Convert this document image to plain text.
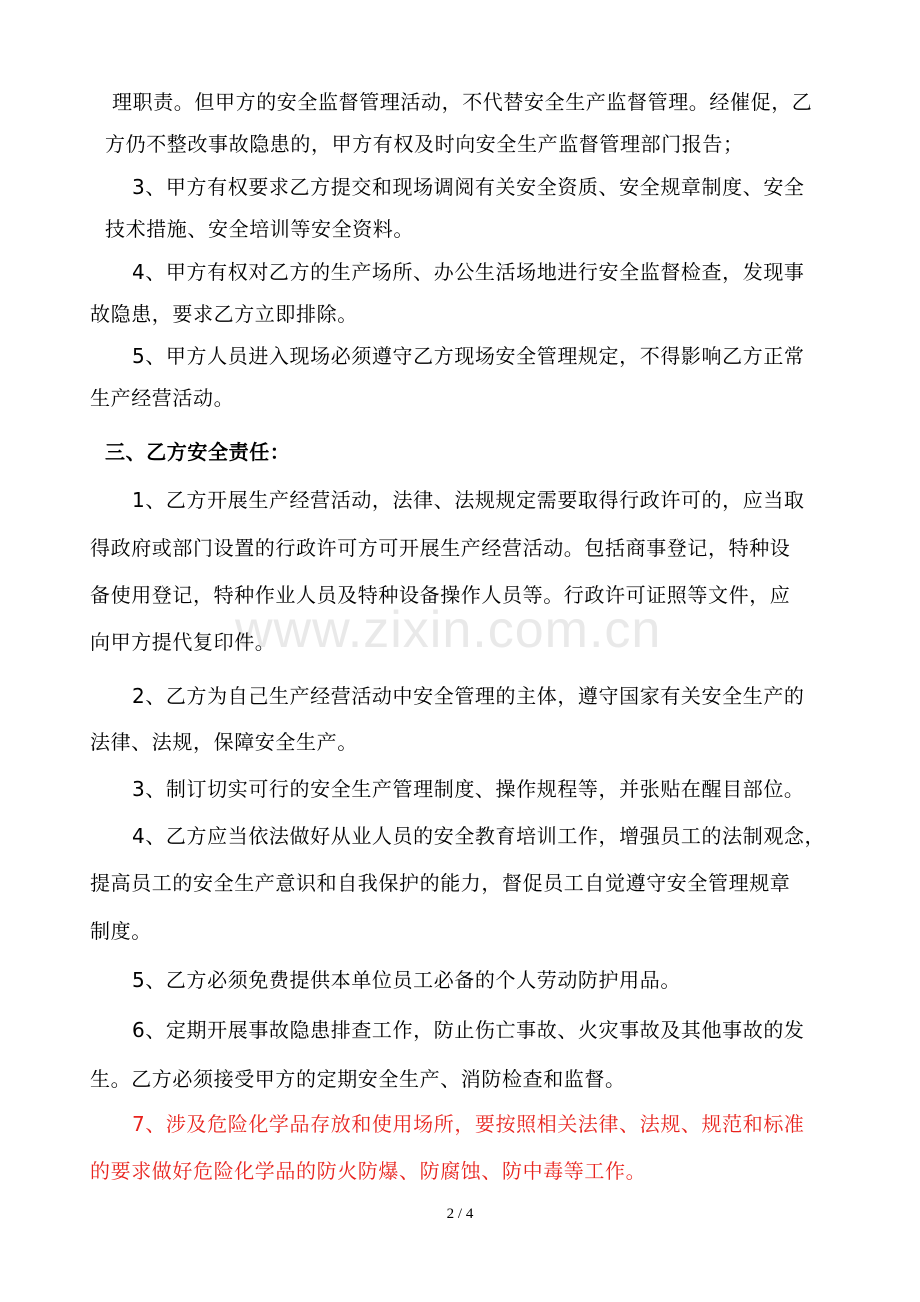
www.zixin.com.cn
理职责。但甲方的安全监督管理活动，不代替安全生产监督管理。经催促，乙
方仍不整改事故隐患的，甲方有权及时向安全生产监督管理部门报告；
3、甲方有权要求乙方提交和现场调阅有关安全资质、安全规章制度、安全
技术措施、安全培训等安全资料。
4、甲方有权对乙方的生产场所、办公生活场地进行安全监督检查，发现事
故隐患，要求乙方立即排除。
5、甲方人员进入现场必须遵守乙方现场安全管理规定，不得影响乙方正常
生产经营活动。
三、乙方安全责任：
1、乙方开展生产经营活动，法律、法规规定需要取得行政许可的，应当取
得政府或部门设置的行政许可方可开展生产经营活动。包括商事登记，特种设
备使用登记，特种作业人员及特种设备操作人员等。行政许可证照等文件，应
向甲方提代复印件。
2、乙方为自己生产经营活动中安全管理的主体，遵守国家有关安全生产的
法律、法规，保障安全生产。
3、制订切实可行的安全生产管理制度、操作规程等，并张贴在醒目部位。
4、乙方应当依法做好从业人员的安全教育培训工作，增强员工的法制观念，
提高员工的安全生产意识和自我保护的能力，督促员工自觉遵守安全管理规章
制度。
5、乙方必须免费提供本单位员工必备的个人劳动防护用品。
6、定期开展事故隐患排查工作，防止伤亡事故、火灾事故及其他事故的发
生。乙方必须接受甲方的定期安全生产、消防检查和监督。
7、涉及危险化学品存放和使用场所，要按照相关法律、法规、规范和标准
的要求做好危险化学品的防火防爆、防腐蚀、防中毒等工作。
2 / 4
